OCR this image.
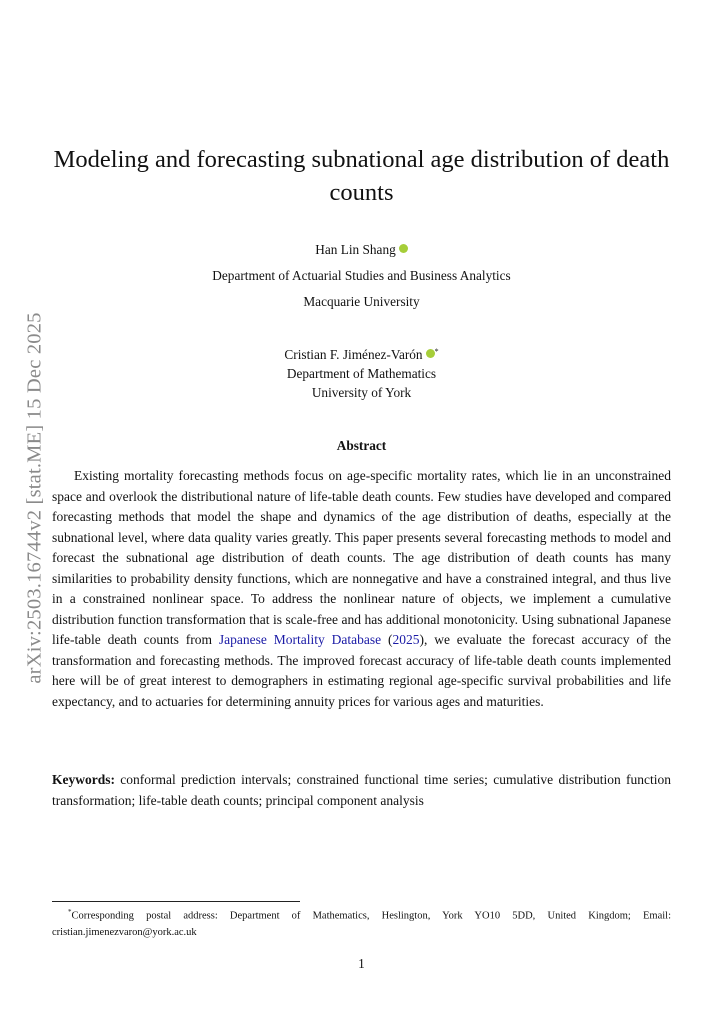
arXiv:2503.16744v2 [stat.ME] 15 Dec 2025
Modeling and forecasting subnational age distribution of death counts
Han Lin Shang
Department of Actuarial Studies and Business Analytics
Macquarie University
Cristian F. Jiménez-Varón *
Department of Mathematics
University of York
Abstract
Existing mortality forecasting methods focus on age-specific mortality rates, which lie in an unconstrained space and overlook the distributional nature of life-table death counts. Few studies have developed and compared forecasting methods that model the shape and dynamics of the age distribution of deaths, especially at the subnational level, where data quality varies greatly. This paper presents several forecasting methods to model and forecast the subnational age distribution of death counts. The age distribution of death counts has many similarities to probability density functions, which are nonnegative and have a constrained integral, and thus live in a constrained nonlinear space. To address the nonlinear nature of objects, we implement a cumulative distribution function transformation that is scale-free and has additional monotonicity. Using subnational Japanese life-table death counts from Japanese Mortality Database (2025), we evaluate the forecast accuracy of the transformation and forecasting methods. The improved forecast accuracy of life-table death counts implemented here will be of great interest to demographers in estimating regional age-specific survival probabilities and life expectancy, and to actuaries for determining annuity prices for various ages and maturities.
Keywords: conformal prediction intervals; constrained functional time series; cumulative distribution function transformation; life-table death counts; principal component analysis
*Corresponding postal address: Department of Mathematics, Heslington, York YO10 5DD, United Kingdom; Email: cristian.jimenezvaron@york.ac.uk
1
